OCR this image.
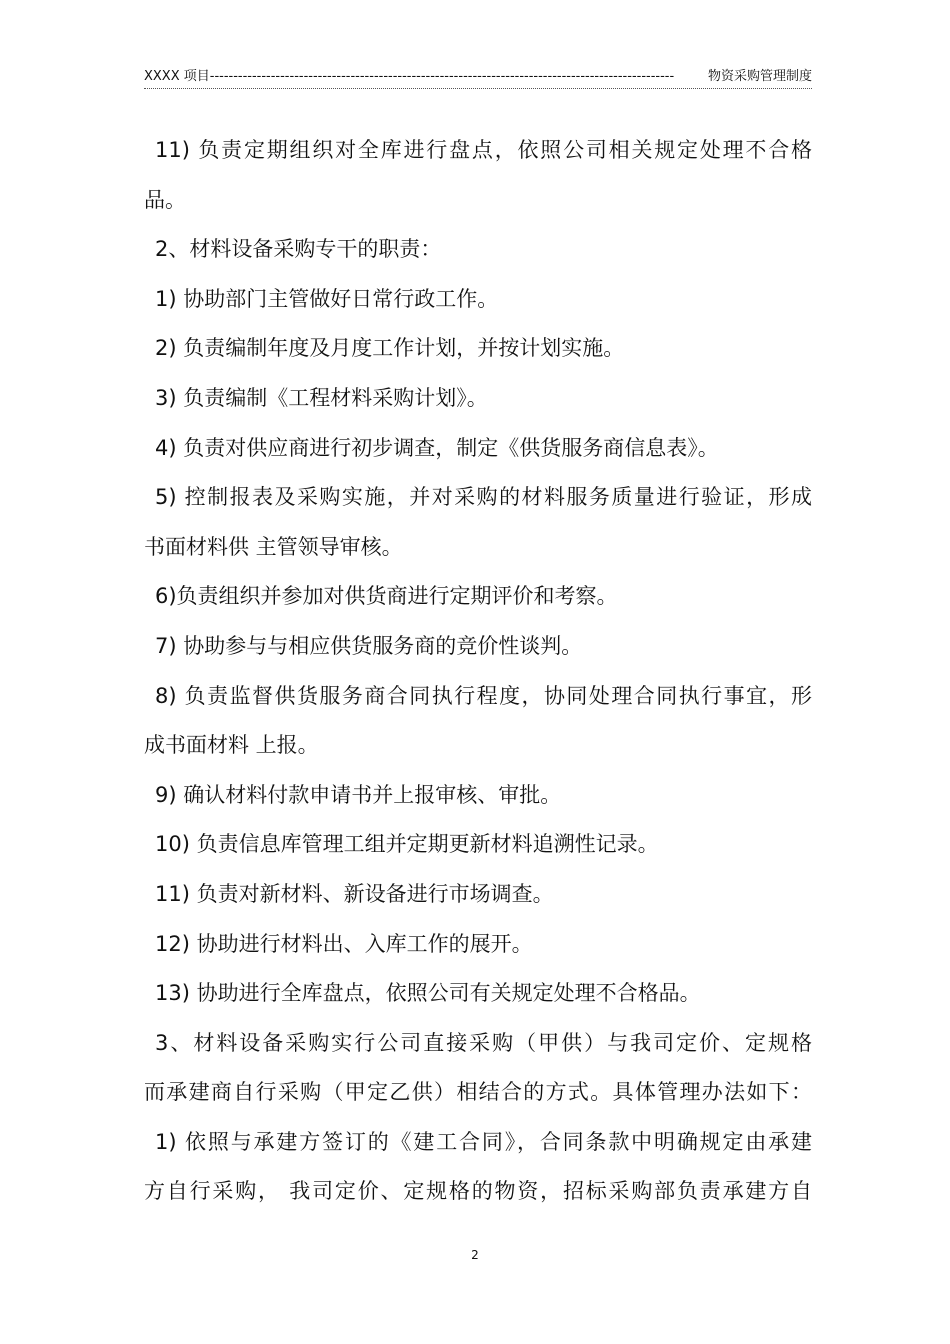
XXXX 项目---------------------------------------------------------------------------------------------------	物资采购管理制度
11) 负责定期组织对全库进行盘点，依照公司相关规定处理不合格
品。
2、材料设备采购专干的职责：
1) 协助部门主管做好日常行政工作。
2) 负责编制年度及月度工作计划，并按计划实施。
3) 负责编制《工程材料采购计划》。
4) 负责对供应商进行初步调查，制定《供货服务商信息表》。
5) 控制报表及采购实施，并对采购的材料服务质量进行验证，形成
书面材料供 主管领导审核。
6)负责组织并参加对供货商进行定期评价和考察。
7) 协助参与与相应供货服务商的竞价性谈判。
8) 负责监督供货服务商合同执行程度，协同处理合同执行事宜，形
成书面材料 上报。
9) 确认材料付款申请书并上报审核、审批。
10) 负责信息库管理工组并定期更新材料追溯性记录。
11) 负责对新材料、新设备进行市场调查。
12) 协助进行材料出、入库工作的展开。
13) 协助进行全库盘点，依照公司有关规定处理不合格品。
3、材料设备采购实行公司直接采购（甲供）与我司定价、定规格
而承建商自行采购（甲定乙供）相结合的方式。具体管理办法如下：
1) 依照与承建方签订的《建工合同》，合同条款中明确规定由承建
方自行采购， 我司定价、定规格的物资，招标采购部负责承建方自
2
